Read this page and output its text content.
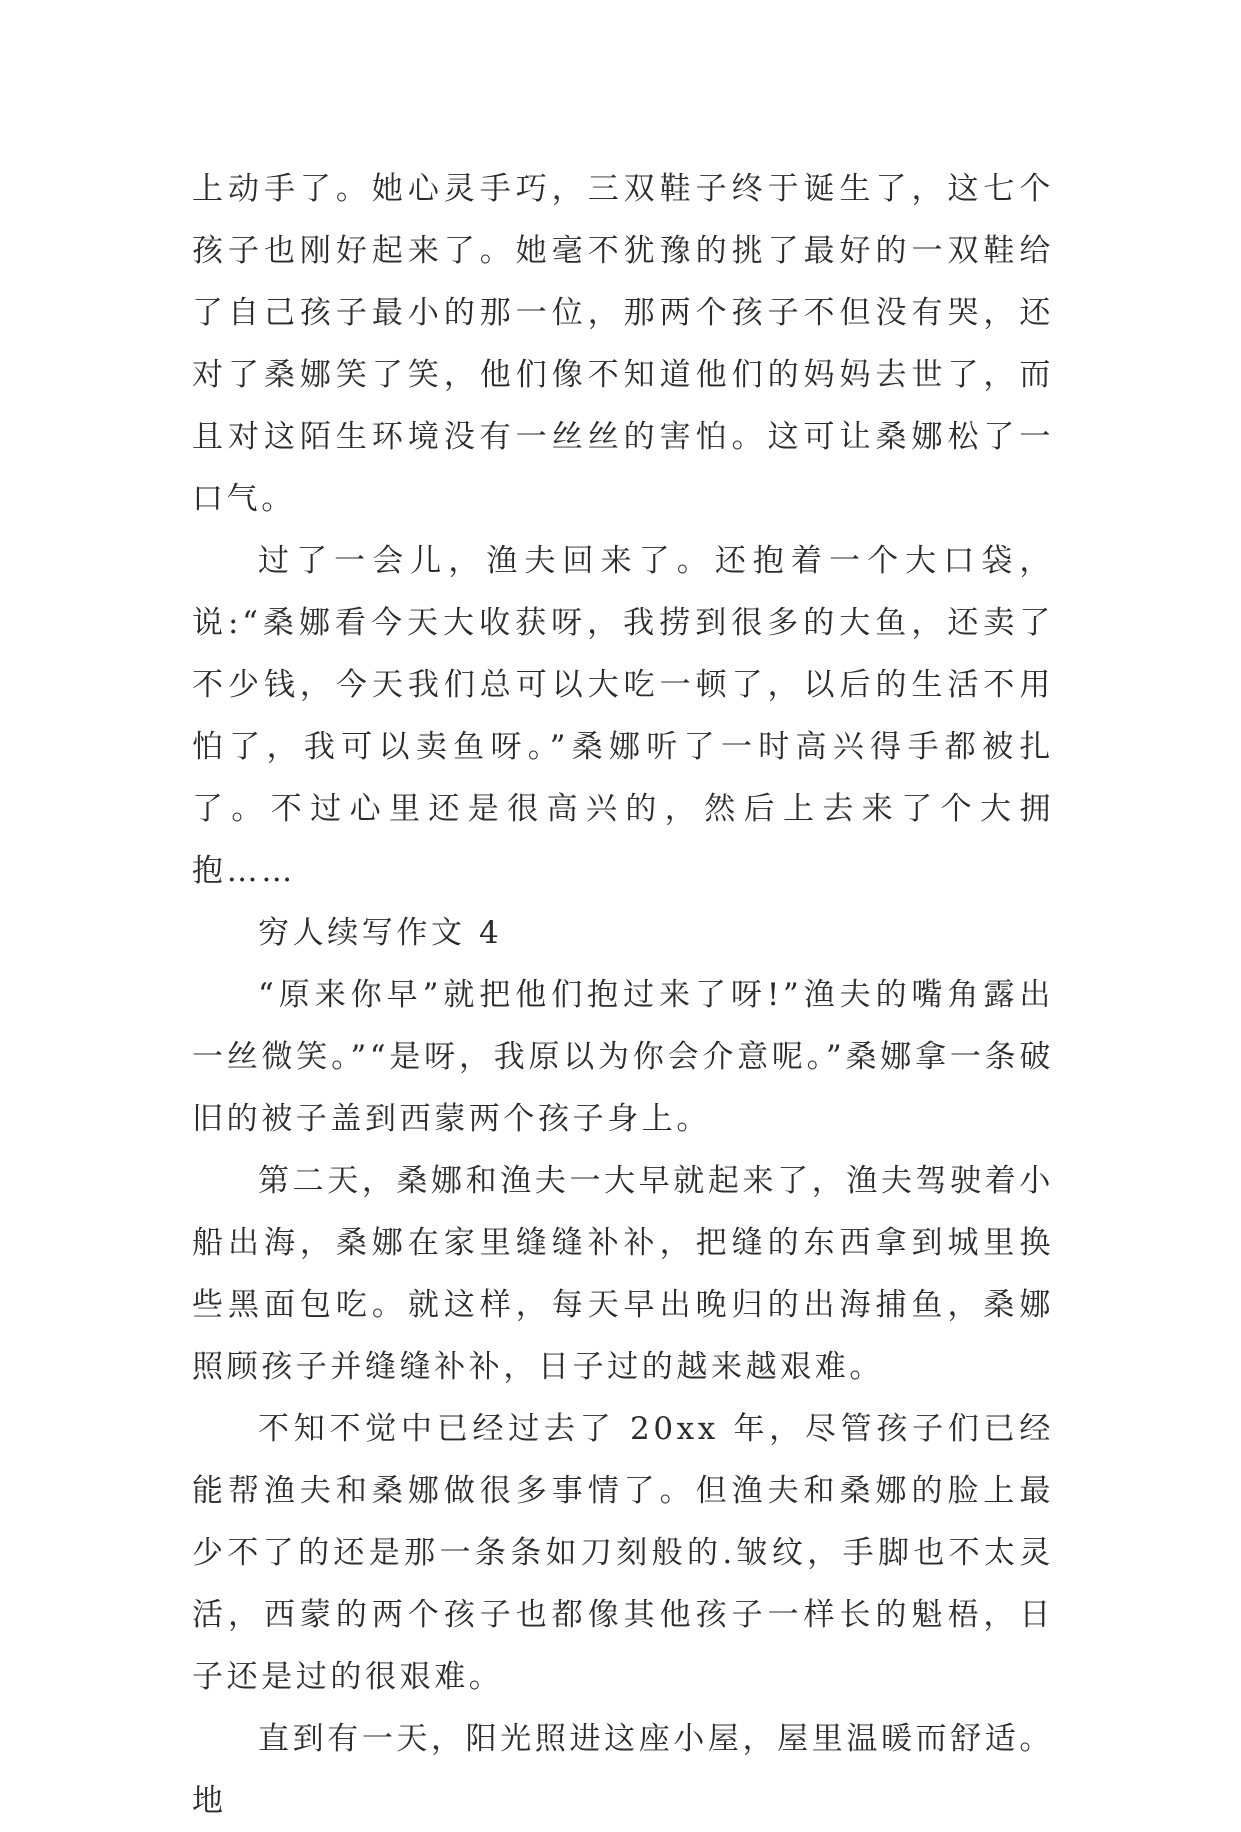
上动手了。她心灵手巧，三双鞋子终于诞生了，这七个孩子也刚好起来了。她毫不犹豫的挑了最好的一双鞋给了自己孩子最小的那一位，那两个孩子不但没有哭，还对了桑娜笑了笑，他们像不知道他们的妈妈去世了，而且对这陌生环境没有一丝丝的害怕。这可让桑娜松了一口气。

过了一会儿，渔夫回来了。还抱着一个大口袋，说:“桑娜看今天大收获呀，我捞到很多的大鱼，还卖了不少钱，今天我们总可以大吃一顿了，以后的生活不用怕了，我可以卖鱼呀。”桑娜听了一时高兴得手都被扎了。不过心里还是很高兴的，然后上去来了个大拥抱……

穷人续写作文 4

“原来你早”就把他们抱过来了呀!”渔夫的嘴角露出一丝微笑。”“是呀，我原以为你会介意呢。”桑娜拿一条破旧的被子盖到西蒙两个孩子身上。

第二天，桑娜和渔夫一大早就起来了，渔夫驾驶着小船出海，桑娜在家里缝缝补补，把缝的东西拿到城里换些黑面包吃。就这样，每天早出晚归的出海捕鱼，桑娜照顾孩子并缝缝补补，日子过的越来越艰难。

不知不觉中已经过去了 20xx 年，尽管孩子们已经能帮渔夫和桑娜做很多事情了。但渔夫和桑娜的脸上最少不了的还是那一条条如刀刻般的.皱纹，手脚也不太灵活，西蒙的两个孩子也都像其他孩子一样长的魁梧，日子还是过的很艰难。

直到有一天，阳光照进这座小屋，屋里温暖而舒适。地
